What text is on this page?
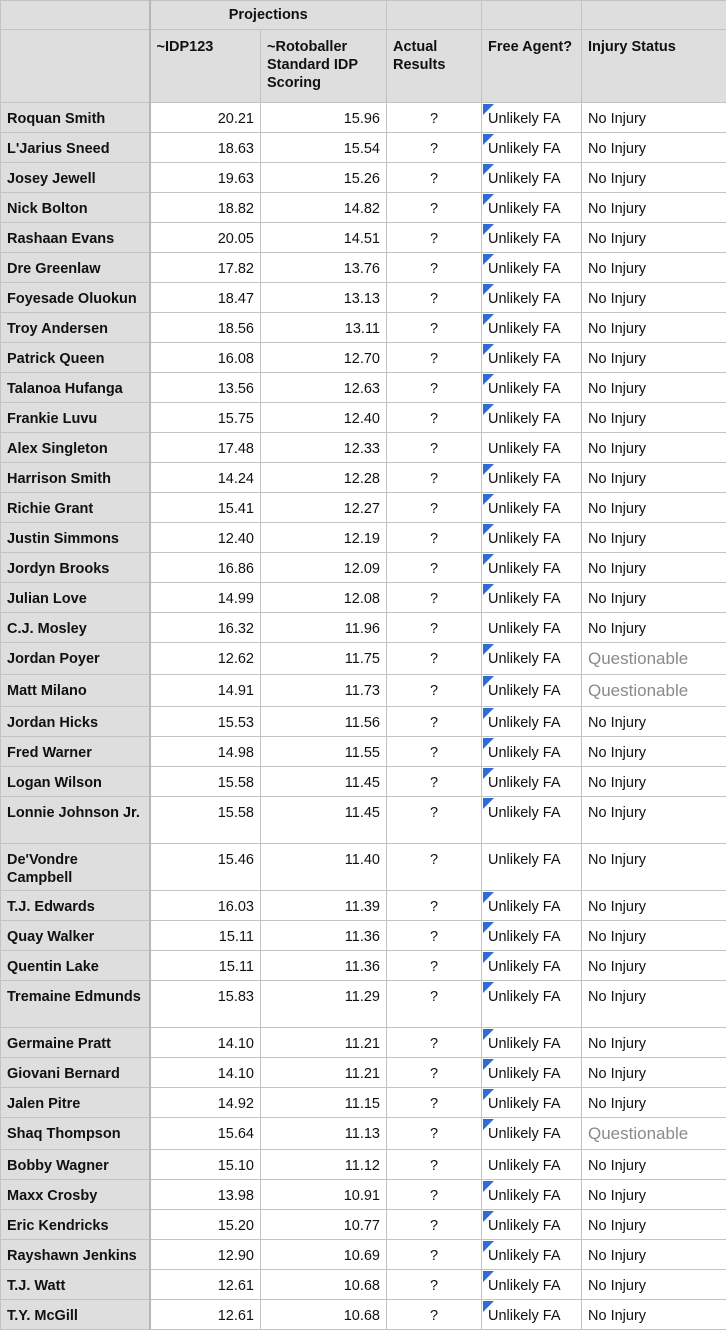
	Projections				
	~IDP123	~Rotoballer Standard IDP Scoring	Actual Results	Free Agent?	Injury Status
Roquan Smith	20.21	15.96	?	Unlikely FA	No Injury
L'Jarius Sneed	18.63	15.54	?	Unlikely FA	No Injury
Josey Jewell	19.63	15.26	?	Unlikely FA	No Injury
Nick Bolton	18.82	14.82	?	Unlikely FA	No Injury
Rashaan Evans	20.05	14.51	?	Unlikely FA	No Injury
Dre Greenlaw	17.82	13.76	?	Unlikely FA	No Injury
Foyesade Oluokun	18.47	13.13	?	Unlikely FA	No Injury
Troy Andersen	18.56	13.11	?	Unlikely FA	No Injury
Patrick Queen	16.08	12.70	?	Unlikely FA	No Injury
Talanoa Hufanga	13.56	12.63	?	Unlikely FA	No Injury
Frankie Luvu	15.75	12.40	?	Unlikely FA	No Injury
Alex Singleton	17.48	12.33	?	Unlikely FA	No Injury
Harrison Smith	14.24	12.28	?	Unlikely FA	No Injury
Richie Grant	15.41	12.27	?	Unlikely FA	No Injury
Justin Simmons	12.40	12.19	?	Unlikely FA	No Injury
Jordyn Brooks	16.86	12.09	?	Unlikely FA	No Injury
Julian Love	14.99	12.08	?	Unlikely FA	No Injury
C.J. Mosley	16.32	11.96	?	Unlikely FA	No Injury
Jordan Poyer	12.62	11.75	?	Unlikely FA	Questionable
Matt Milano	14.91	11.73	?	Unlikely FA	Questionable
Jordan Hicks	15.53	11.56	?	Unlikely FA	No Injury
Fred Warner	14.98	11.55	?	Unlikely FA	No Injury
Logan Wilson	15.58	11.45	?	Unlikely FA	No Injury
Lonnie Johnson Jr.	15.58	11.45	?	Unlikely FA	No Injury
De'Vondre Campbell	15.46	11.40	?	Unlikely FA	No Injury
T.J. Edwards	16.03	11.39	?	Unlikely FA	No Injury
Quay Walker	15.11	11.36	?	Unlikely FA	No Injury
Quentin Lake	15.11	11.36	?	Unlikely FA	No Injury
Tremaine Edmunds	15.83	11.29	?	Unlikely FA	No Injury
Germaine Pratt	14.10	11.21	?	Unlikely FA	No Injury
Giovani Bernard	14.10	11.21	?	Unlikely FA	No Injury
Jalen Pitre	14.92	11.15	?	Unlikely FA	No Injury
Shaq Thompson	15.64	11.13	?	Unlikely FA	Questionable
Bobby Wagner	15.10	11.12	?	Unlikely FA	No Injury
Maxx Crosby	13.98	10.91	?	Unlikely FA	No Injury
Eric Kendricks	15.20	10.77	?	Unlikely FA	No Injury
Rayshawn Jenkins	12.90	10.69	?	Unlikely FA	No Injury
T.J. Watt	12.61	10.68	?	Unlikely FA	No Injury
T.Y. McGill	12.61	10.68	?	Unlikely FA	No Injury
